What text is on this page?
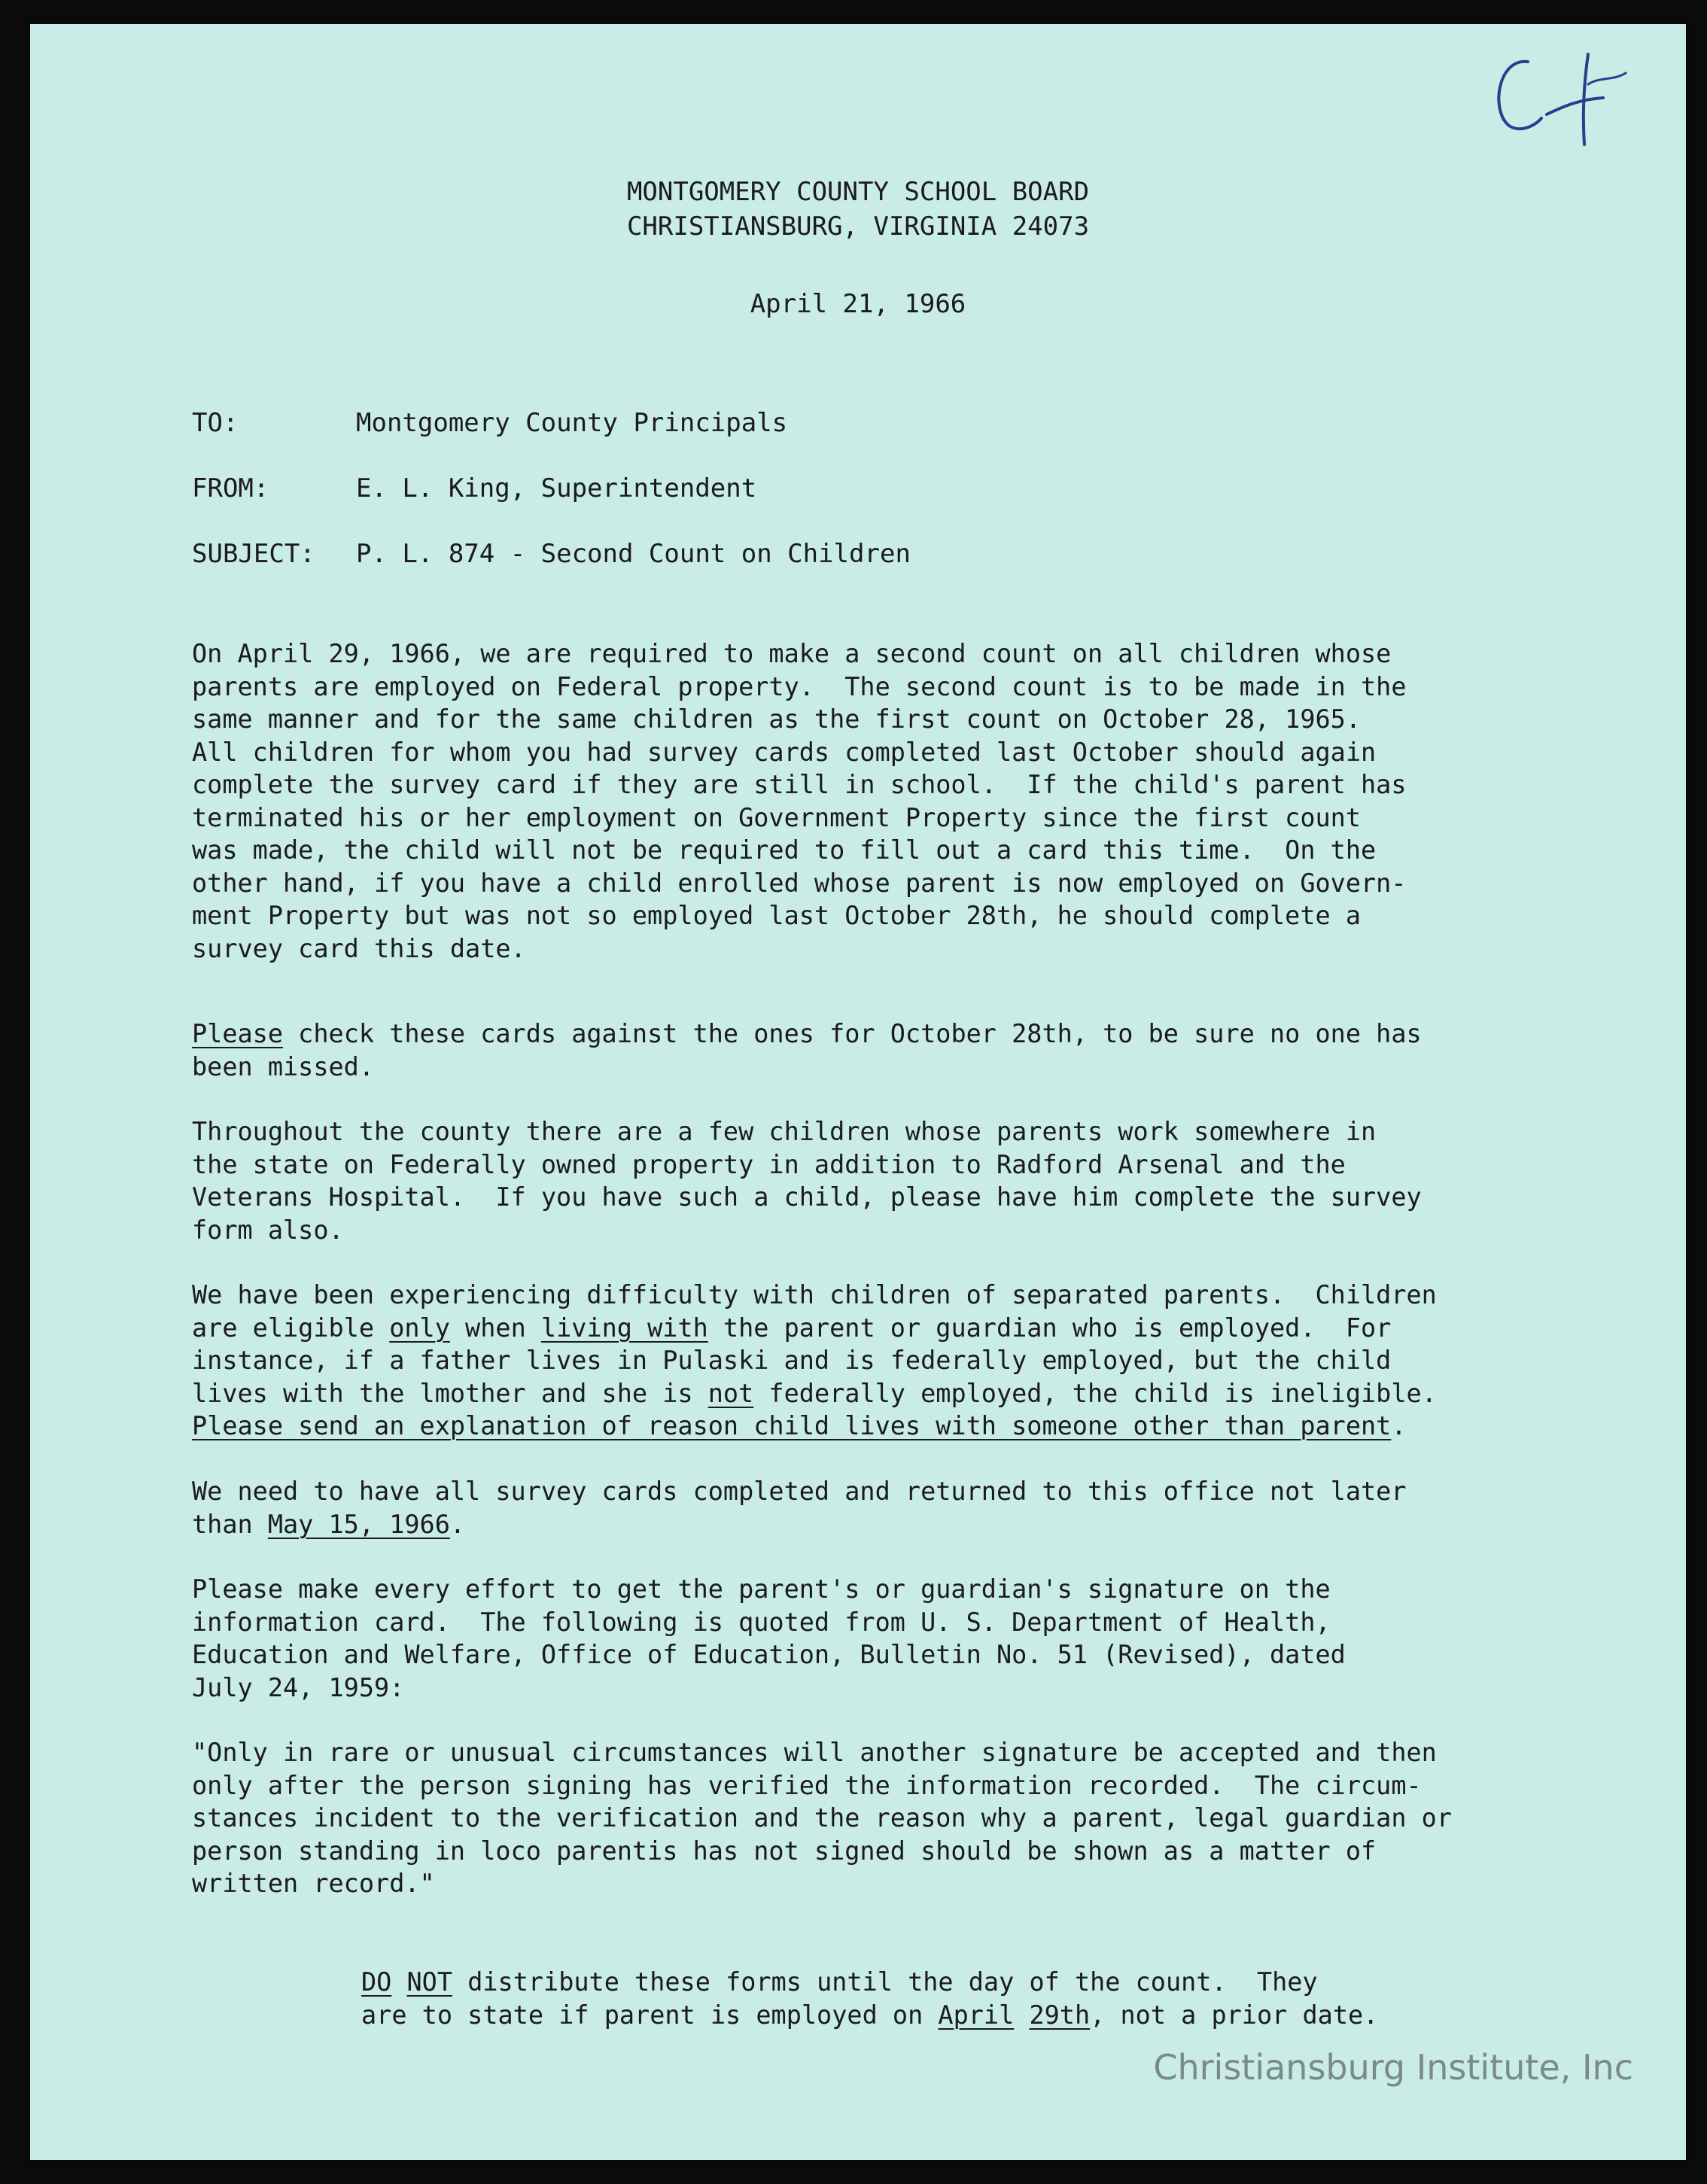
MONTGOMERY COUNTY SCHOOL BOARD
CHRISTIANSBURG, VIRGINIA 24073
April 21, 1966
TO:	Montgomery County Principals
FROM:	E. L. King, Superintendent
SUBJECT: P. L. 874 - Second Count on Children
On April 29, 1966, we are required to make a second count on all children whose
parents are employed on Federal property.  The second count is to be made in the
same manner and for the same children as the first count on October 28, 1965.
All children for whom you had survey cards completed last October should again
complete the survey card if they are still in school.  If the child's parent has
terminated his or her employment on Government Property since the first count
was made, the child will not be required to fill out a card this time.  On the
other hand, if you have a child enrolled whose parent is now employed on Govern-
ment Property but was not so employed last October 28th, he should complete a
survey card this date.
Please check these cards against the ones for October 28th, to be sure no one has
been missed.
Throughout the county there are a few children whose parents work somewhere in
the state on Federally owned property in addition to Radford Arsenal and the
Veterans Hospital.  If you have such a child, please have him complete the survey
form also.
We have been experiencing difficulty with children of separated parents.  Children
are eligible only when living with the parent or guardian who is employed.  For
instance, if a father lives in Pulaski and is federally employed, but the child
lives with the lmother and she is not federally employed, the child is ineligible.
Please send an explanation of reason child lives with someone other than parent.
We need to have all survey cards completed and returned to this office not later
than May 15, 1966.
Please make every effort to get the parent's or guardian's signature on the
information card.  The following is quoted from U. S. Department of Health,
Education and Welfare, Office of Education, Bulletin No. 51 (Revised), dated
July 24, 1959:
"Only in rare or unusual circumstances will another signature be accepted and then
only after the person signing has verified the information recorded.  The circum-
stances incident to the verification and the reason why a parent, legal guardian or
person standing in loco parentis has not signed should be shown as a matter of
written record."
DO NOT distribute these forms until the day of the count.  They
are to state if parent is employed on April 29th, not a prior date.
Christiansburg Institute, Inc
